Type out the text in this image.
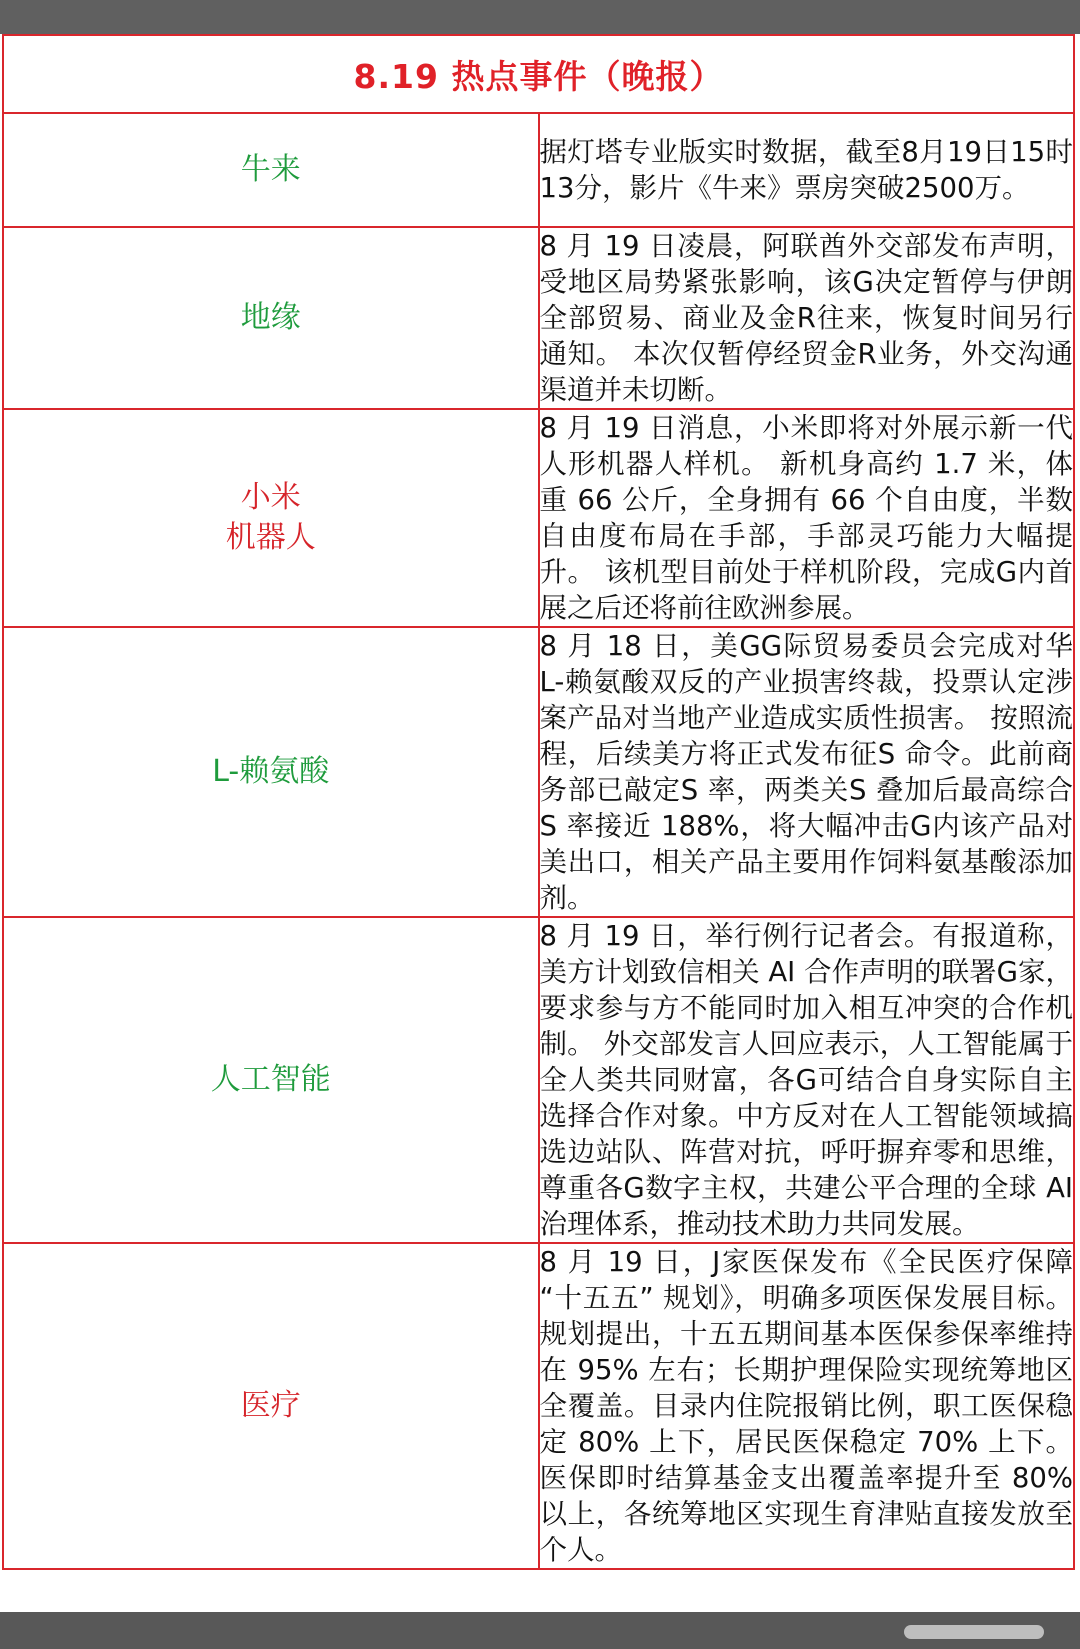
8.19 热点事件（晚报）	

牛来	据灯塔专业版实时数据，截至8月19日15时13分，影片《牛来》票房突破2500万。

地缘	8 月 19 日凌晨，阿联酋外交部发布声明，受地区局势紧张影响，该G决定暂停与伊朗全部贸易、商业及金R往来，恢复时间另行通知。 本次仅暂停经贸金R业务，外交沟通渠道并未切断。

小米
机器人	8 月 19 日消息，小米即将对外展示新一代人形机器人样机。 新机身高约 1.7 米，体重 66 公斤，全身拥有 66 个自由度，半数自由度布局在手部，手部灵巧能力大幅提升。 该机型目前处于样机阶段，完成G内首展之后还将前往欧洲参展。

L-赖氨酸	8 月 18 日，美GG际贸易委员会完成对华 L-赖氨酸双反的产业损害终裁，投票认定涉案产品对当地产业造成实质性损害。 按照流程，后续美方将正式发布征S 命令。此前商务部已敲定S 率，两类关S 叠加后最高综合S 率接近 188%，将大幅冲击G内该产品对美出口，相关产品主要用作饲料氨基酸添加剂。

人工智能	8 月 19 日，举行例行记者会。有报道称，美方计划致信相关 AI 合作声明的联署G家，要求参与方不能同时加入相互冲突的合作机制。 外交部发言人回应表示，人工智能属于全人类共同财富，各G可结合自身实际自主选择合作对象。中方反对在人工智能领域搞选边站队、阵营对抗，呼吁摒弃零和思维，尊重各G数字主权，共建公平合理的全球 AI 治理体系，推动技术助力共同发展。

医疗	8 月 19 日，J家医保发布《全民医疗保障 “十五五” 规划》，明确多项医保发展目标。 规划提出，十五五期间基本医保参保率维持在 95% 左右；长期护理保险实现统筹地区全覆盖。目录内住院报销比例，职工医保稳定 80% 上下，居民医保稳定 70% 上下。 医保即时结算基金支出覆盖率提升至 80% 以上，各统筹地区实现生育津贴直接发放至个人。
